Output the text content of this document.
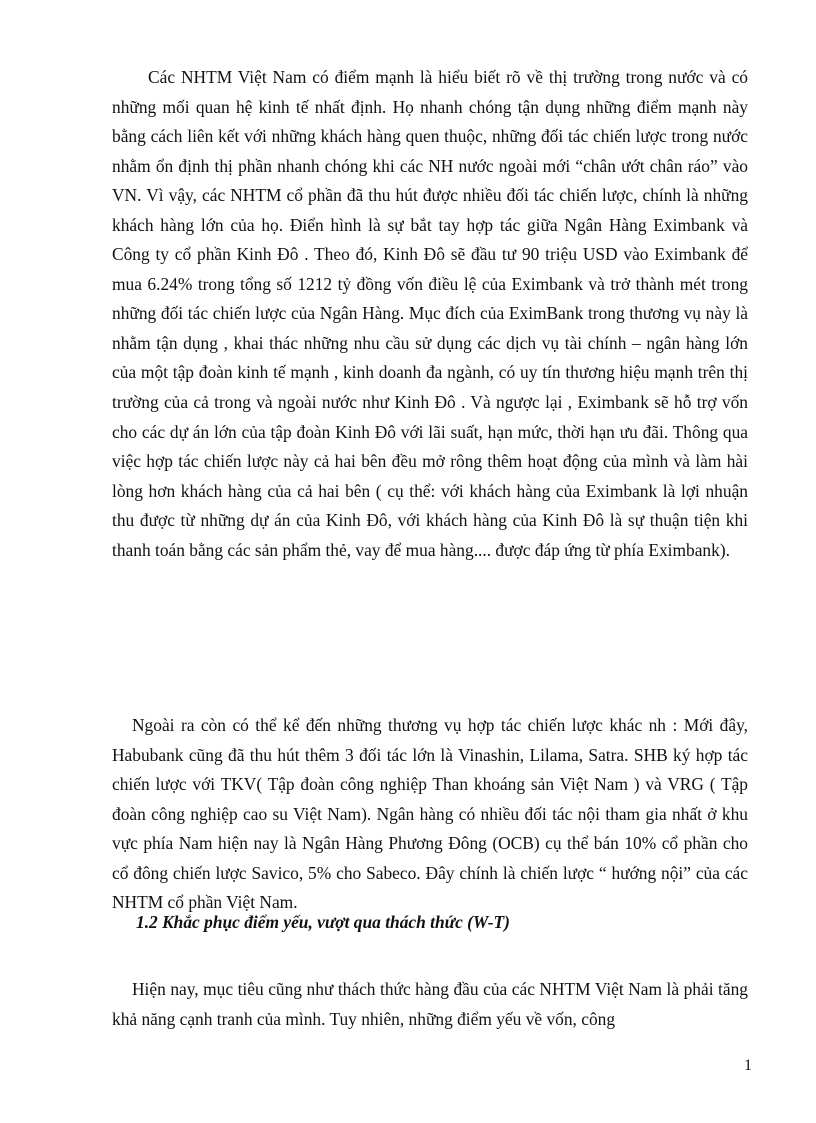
Các NHTM Việt Nam có điểm mạnh là hiểu biết rõ về thị trường trong nước và có những mối quan hệ kinh tế nhất định. Họ nhanh chóng tận dụng những điểm mạnh này bằng cách liên kết với những khách hàng quen thuộc, những đối tác chiến lược trong nước nhằm ổn định thị phần nhanh chóng khi các NH nước ngoài mới “chân ướt chân ráo” vào VN. Vì vậy, các NHTM cổ phần đã thu hút được nhiều đối tác chiến lược, chính là những khách hàng lớn của họ. Điển hình là sự bắt tay hợp tác giữa Ngân Hàng Eximbank và Công ty cổ phần Kinh Đô . Theo đó, Kinh Đô sẽ đầu tư 90 triệu USD vào Eximbank để mua 6.24% trong tổng số 1212 tỷ đồng vốn điều lệ của Eximbank và trở thành mét trong những đối tác chiến lược của Ngân Hàng. Mục đích của EximBank trong thương vụ này là nhằm tận dụng , khai thác những nhu cầu sử dụng các dịch vụ tài chính – ngân hàng lớn của một tập đoàn kinh tế mạnh , kinh doanh đa ngành, có uy tín thương hiệu mạnh trên thị trường của cả trong và ngoài nước như Kinh Đô . Và ngược lại , Eximbank sẽ hỗ trợ vốn cho các dự án lớn của tập đoàn Kinh Đô với lãi suất, hạn mức, thời hạn ưu đãi. Thông qua việc hợp tác chiến lược này cả hai bên đều mở rông thêm hoạt động của mình và làm hài lòng hơn khách hàng của cả hai bên ( cụ thể: với khách hàng của Eximbank là lợi nhuận thu được từ những dự án của Kinh Đô, với khách hàng của Kinh Đô là sự thuận tiện khi thanh toán bằng các sản phẩm thẻ, vay để mua hàng.... được đáp ứng từ phía Eximbank).

Ngoài ra còn có thể kể đến những thương vụ hợp tác chiến lược khác nh : Mới đây, Habubank cũng đã thu hút thêm 3 đối tác lớn là Vinashin, Lilama, Satra. SHB ký hợp tác chiến lược với TKV( Tập đoàn công nghiệp Than khoáng sản Việt Nam ) và VRG ( Tập đoàn công nghiệp cao su Việt Nam). Ngân hàng có nhiều đối tác nội tham gia nhất ở khu vực phía Nam hiện nay là Ngân Hàng Phương Đông (OCB) cụ thể bán 10% cổ phần cho cổ đông chiến lược Savico, 5% cho Sabeco. Đây chính là chiến lược “ hướng nội” của các NHTM cổ phần Việt Nam.

1.2 Khắc phục điểm yếu, vượt qua thách thức (W-T)

Hiện nay, mục tiêu cũng như thách thức hàng đầu của các NHTM Việt Nam là phải tăng khả năng cạnh tranh của mình. Tuy nhiên, những điểm yếu về vốn, công

1
